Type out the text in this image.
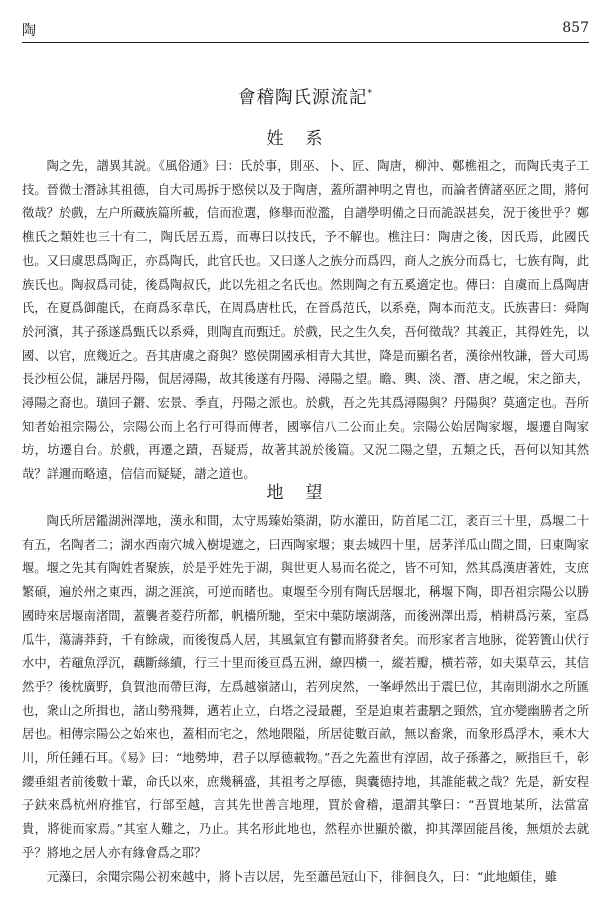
陶	857
會稽陶氏源流記*
姓系

陶之先，譜異其説。《風俗通》曰：氏於事，則巫、卜、匠、陶唐，柳沖、鄭樵祖之，而陶氏夷子工技。晉微士潛詠其祖德，自大司馬拆于愍侯以及于陶唐，蓋所謂神明之胄也，而論者儕諸巫匠之間，將何徵哉？於戲，左户所藏族篇所載，信而涖選，修舉而涖濫，自譜學明備之日而詭誤甚矣，況于後世乎？鄭樵氏之類姓也三十有二，陶氏居五焉，而專曰以技氏，予不解也。樵注曰：陶唐之後，因氏焉，此國氏也。又曰虞思爲陶正，亦爲陶氏，此官氏也。又曰遂人之族分而爲四，商人之族分而爲七，七族有陶，此族氏也。陶叔爲司徒，後爲陶叔氏，此以先祖之名氏也。然則陶之有五奚適定也。傳曰：自虞而上爲陶唐氏，在夏爲御龍氏，在商爲豕韋氏，在周爲唐杜氏，在晉爲范氏，以系堯，陶本而范支。氏族書曰：舜陶於河濱，其子孫遂爲甄氏以系舜，則陶直而甄迁。於戲，民之生久矣，吾何徵哉？其義正，其得姓先，以國、以官，庶幾近之。吾其唐虞之裔與？愍侯開國承相青大其世，降是而顯名者，漢徐州牧謙，晉大司馬長沙桓公侃，謙居丹陽，侃居潯陽，故其後遂有丹陽、潯陽之望。瞻、輿、淡、潛、唐之峴，宋之節夫，潯陽之裔也。璜回子鏘、宏景、季直，丹陽之派也。於戲，吾之先其爲潯陽與？丹陽與？莫適定也。吾所知者始祖宗陽公，宗陽公而上名行可得而傳者，國寧信八二公而止矣。宗陽公始居陶家堰，堰遷自陶家坊，坊遷自台。於戲，再遷之蹟，吾疑焉，故著其説於後篇。又況二陽之望，五類之氏，吾何以知其然哉？詳邇而略遠，信信而疑疑，譜之道也。

地望

陶氏所居鑑湖洲澤地，漢永和間，太守馬臻始築湖，防水灌田，防首尾二江，袤百三十里，爲堰二十有五，名陶者二；湖水西南穴城入樹堤遮之，曰西陶家堰；東去城四十里，居茅洋瓜山間之間，曰東陶家堰。堰之先其有陶姓者聚族，於是乎姓先于湖，與世更人易而名從之，皆不可知，然其爲漢唐著姓，支庶繁碩，遍於州之東西，湖之涯滨，可逆而睹也。東堰至今別有陶氏居堰北，稱堰下陶，即吾祖宗陽公以勝國時來居堰南渚間，蓋襲者菱荇所都，帆檣所馳，至宋中葉防壞湖落，而後洲澤出焉，梢耕爲污萊，室爲瓜牛，蕩濤莽葑，千有餘歲，而後復爲人居，其風氣宜有鬱而將發者矣。而形家者言地脉，從箬簀山伏行水中，若黿魚浮沉，藕斷絲續，行三十里而後亘爲五洲，繚四横一，縱若瓣，横若蒂，如夫渠草云，其信然乎？後枕廣野，負賀池而帶巨海，左爲越嶺諸山，若列戾然，一峯崢然出于震巳位，其南則湖水之所匯也，衆山之所揖也，諸山勢飛舞，邁若止立，白塔之浸最麗，至是迫東若畫駟之頸然，宜亦變幽勝者之所居也。相傳宗陽公之始來也，蓋相而宅之，然地隈隘，所居徒數百畝，無以畜衆，而象形爲浮木，乘木大川，所任鍾石耳。《易》曰：“地勢坤，君子以厚德載物。”吾之先蓋世有淳固，故子孫蕃之，厥指巨千，彰纓垂組者前後數十輩，命氏以來，庶幾稱盛，其祖考之厚德，與囊德持地，其誰能載之哉？先是，新安程子鈇來爲杭州府推官，行部至越，言其先世善言地理，買於會稽，還謂其擎曰：“吾買地某所，法當富貴，將徙而家焉。”其室人難之，乃止。其名形此地也，然程亦世顯於徽，抑其澤固能昌後，無煩於去就乎？將地之居人亦有緣會爲之耶？

元藻曰，余聞宗陽公初來越中，將卜吉以居，先至蕭邑冠山下，徘徊良久，曰：“此地頗佳，雖
